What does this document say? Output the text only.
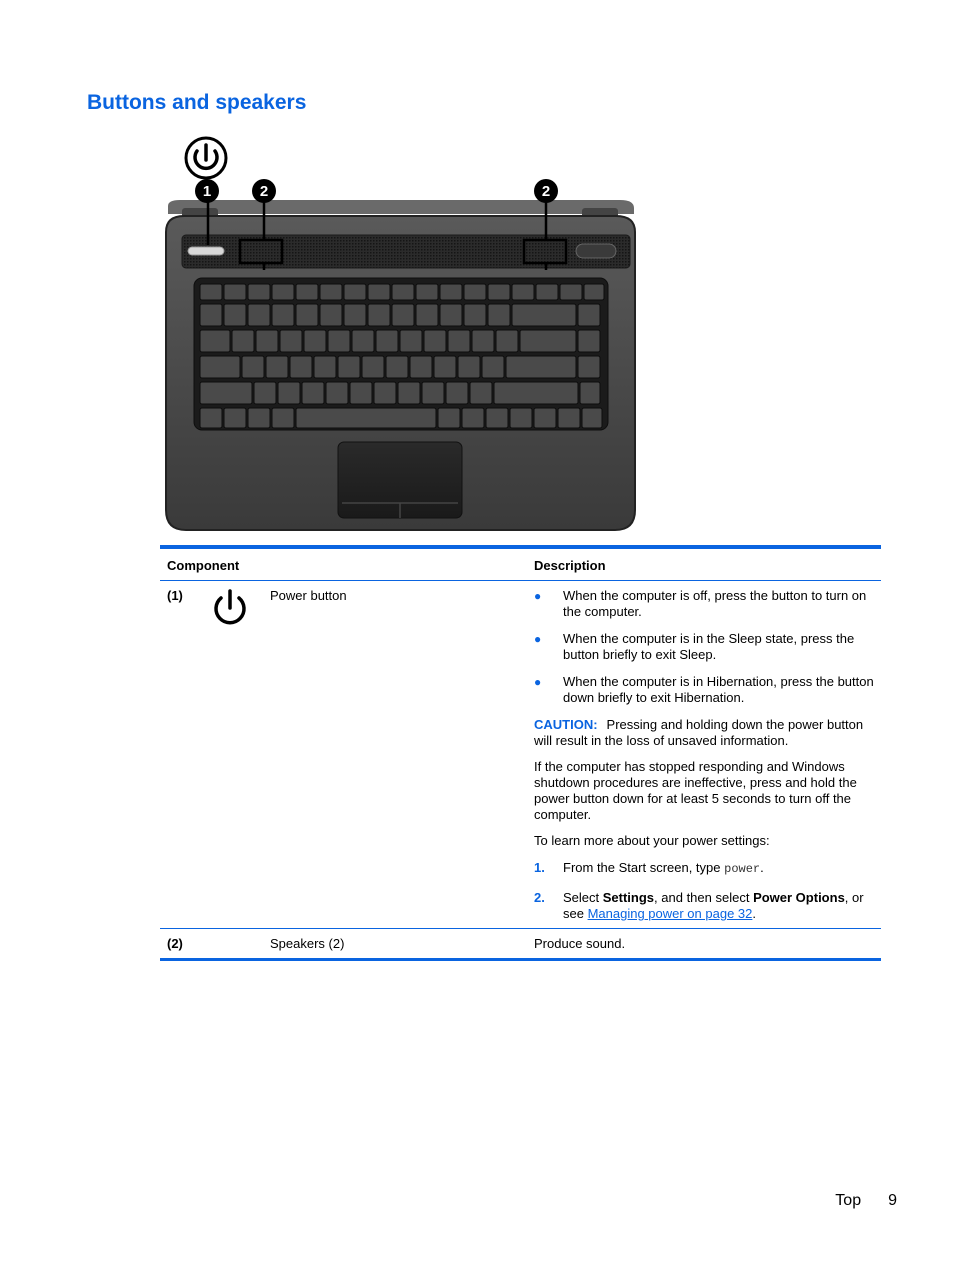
Buttons and speakers
1	2	2
Component	Description
(1)	Power button	● When the computer is off, press the button to turn on the computer.
● When the computer is in the Sleep state, press the button briefly to exit Sleep.
● When the computer is in Hibernation, press the button down briefly to exit Hibernation.
CAUTION: Pressing and holding down the power button will result in the loss of unsaved information.
If the computer has stopped responding and Windows shutdown procedures are ineffective, press and hold the power button down for at least 5 seconds to turn off the computer.
To learn more about your power settings:
1. From the Start screen, type power.
2. Select Settings, and then select Power Options, or see Managing power on page 32.
(2)	Speakers (2)	Produce sound.
Top 9
